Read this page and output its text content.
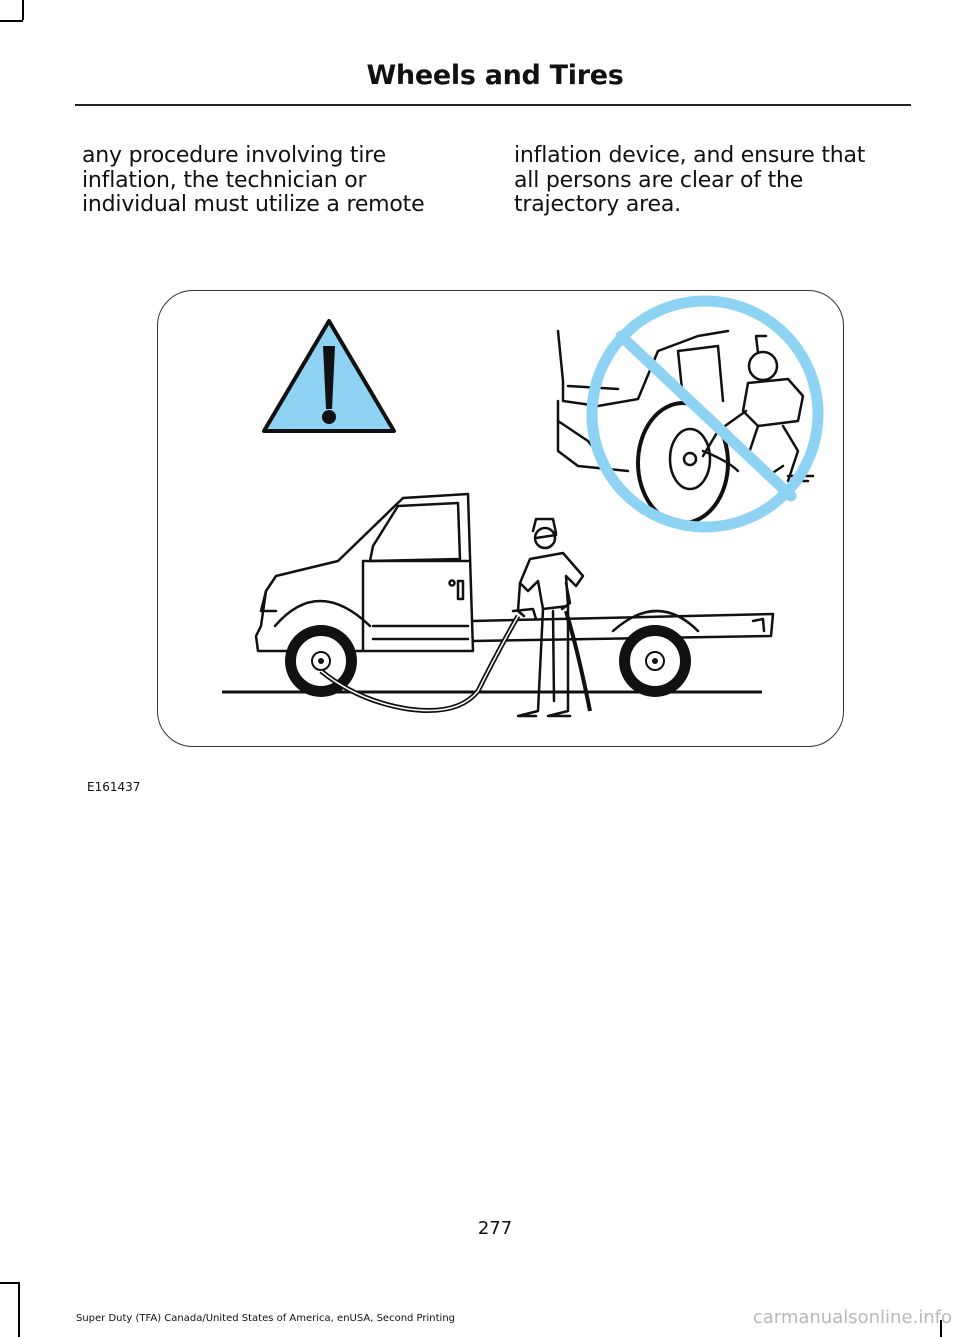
Wheels and Tires
any procedure involving tire
inflation, the technician or
individual must utilize a remote
inflation device, and ensure that
all persons are clear of the
trajectory area.
E161437
277
Super Duty (TFA) Canada/United States of America, enUSA, Second Printing	carmanualsonline.info
